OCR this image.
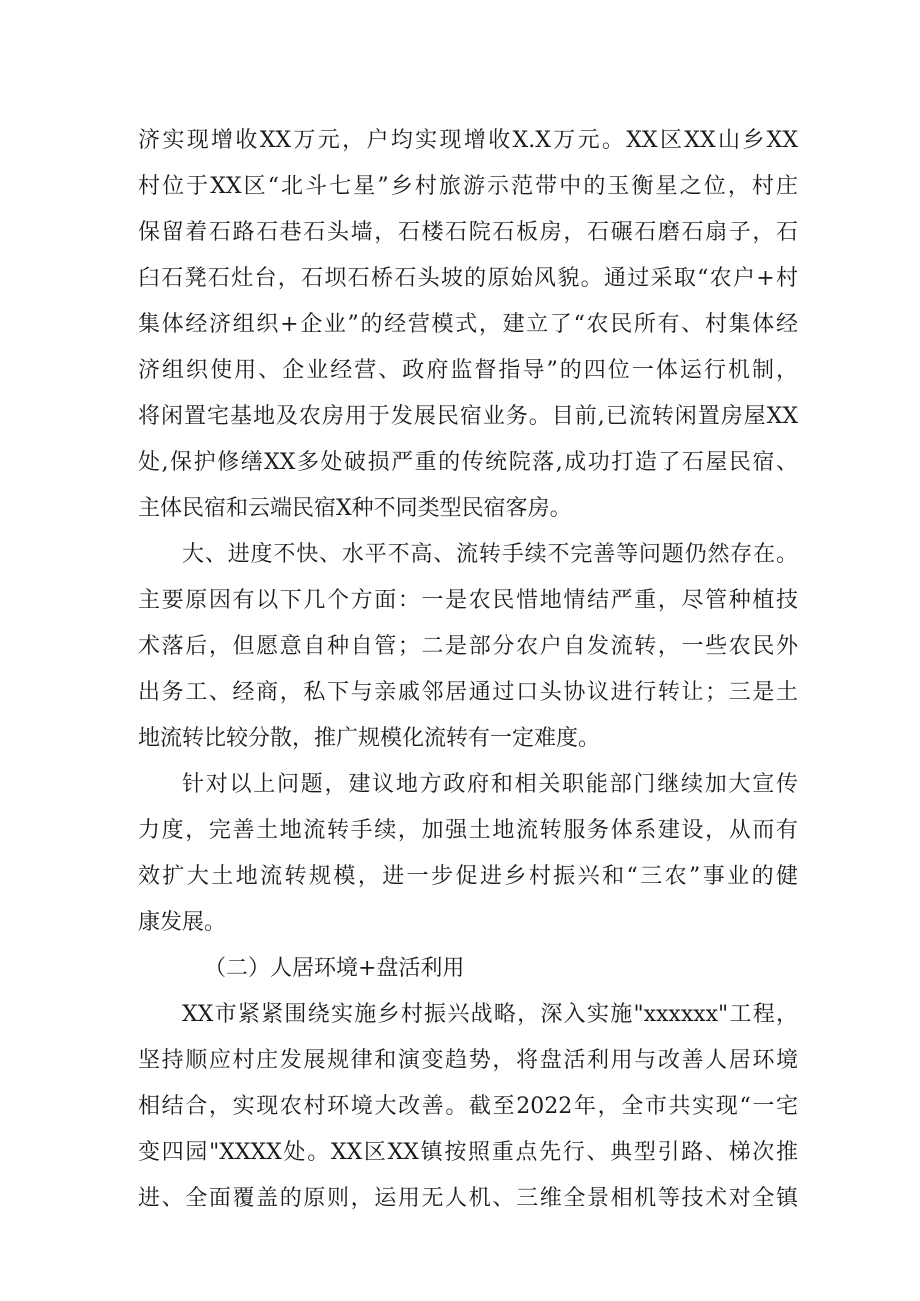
济实现增收XX万元，户均实现增收X.X万元。XX区XX山乡XX
村位于XX区“北斗七星”乡村旅游示范带中的玉衡星之位，村庄
保留着石路石巷石头墙，石楼石院石板房，石碾石磨石扇子，石
臼石凳石灶台，石坝石桥石头坡的原始风貌。通过采取“农户+村
集体经济组织+企业”的经营模式，建立了“农民所有、村集体经
济组织使用、企业经营、政府监督指导”的四位一体运行机制，
将闲置宅基地及农房用于发展民宿业务。目前,已流转闲置房屋XX
处,保护修缮XX多处破损严重的传统院落,成功打造了石屋民宿、
主体民宿和云端民宿X种不同类型民宿客房。

大、进度不快、水平不高、流转手续不完善等问题仍然存在。
主要原因有以下几个方面：一是农民惜地情结严重，尽管种植技
术落后，但愿意自种自管；二是部分农户自发流转，一些农民外
出务工、经商，私下与亲戚邻居通过口头协议进行转让；三是土
地流转比较分散，推广规模化流转有一定难度。

针对以上问题，建议地方政府和相关职能部门继续加大宣传
力度，完善土地流转手续，加强土地流转服务体系建设，从而有
效扩大土地流转规模，进一步促进乡村振兴和“三农”事业的健
康发展。

（二）人居环境+盘活利用

XX市紧紧围绕实施乡村振兴战略，深入实施"xxxxxx"工程，
坚持顺应村庄发展规律和演变趋势，将盘活利用与改善人居环境
相结合，实现农村环境大改善。截至2022年，全市共实现“一宅
变四园"XXXX处。XX区XX镇按照重点先行、典型引路、梯次推
进、全面覆盖的原则，运用无人机、三维全景相机等技术对全镇
